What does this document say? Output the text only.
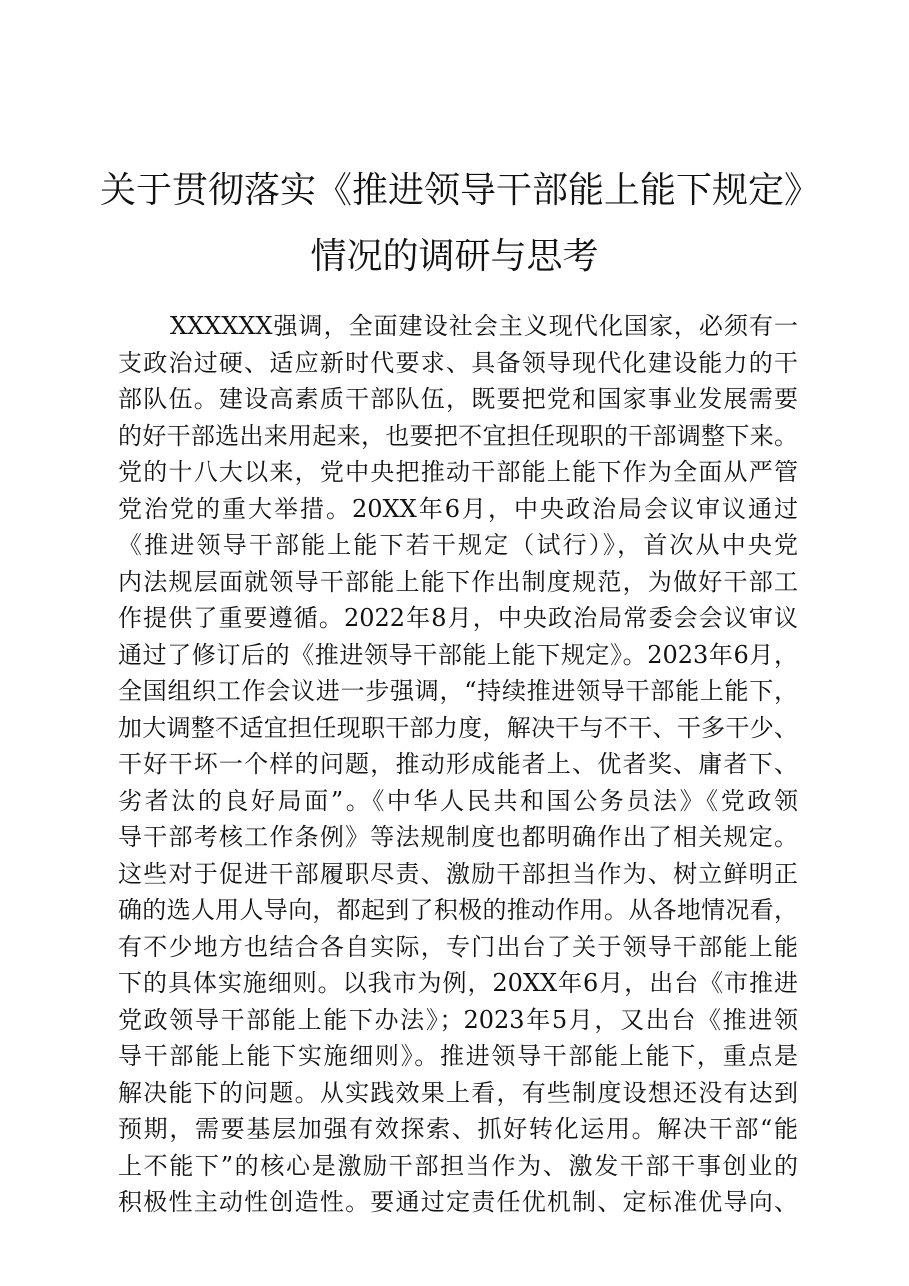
关于贯彻落实《推进领导干部能上能下规定》
情况的调研与思考
XXXXXX强调，全面建设社会主义现代化国家，必须有一
支政治过硬、适应新时代要求、具备领导现代化建设能力的干
部队伍。建设高素质干部队伍，既要把党和国家事业发展需要
的好干部选出来用起来，也要把不宜担任现职的干部调整下来。
党的十八大以来，党中央把推动干部能上能下作为全面从严管
党治党的重大举措。20XX年6月，中央政治局会议审议通过
《推进领导干部能上能下若干规定（试行）》，首次从中央党
内法规层面就领导干部能上能下作出制度规范，为做好干部工
作提供了重要遵循。2022年8月，中央政治局常委会会议审议
通过了修订后的《推进领导干部能上能下规定》。2023年6月，
全国组织工作会议进一步强调，“持续推进领导干部能上能下，
加大调整不适宜担任现职干部力度，解决干与不干、干多干少、
干好干坏一个样的问题，推动形成能者上、优者奖、庸者下、
劣者汰的良好局面”。《中华人民共和国公务员法》《党政领
导干部考核工作条例》等法规制度也都明确作出了相关规定。
这些对于促进干部履职尽责、激励干部担当作为、树立鲜明正
确的选人用人导向，都起到了积极的推动作用。从各地情况看，
有不少地方也结合各自实际，专门出台了关于领导干部能上能
下的具体实施细则。以我市为例，20XX年6月，出台《市推进
党政领导干部能上能下办法》；2023年5月，又出台《推进领
导干部能上能下实施细则》。推进领导干部能上能下，重点是
解决能下的问题。从实践效果上看，有些制度设想还没有达到
预期，需要基层加强有效探索、抓好转化运用。解决干部“能
上不能下”的核心是激励干部担当作为、激发干部干事创业的
积极性主动性创造性。要通过定责任优机制、定标准优导向、
